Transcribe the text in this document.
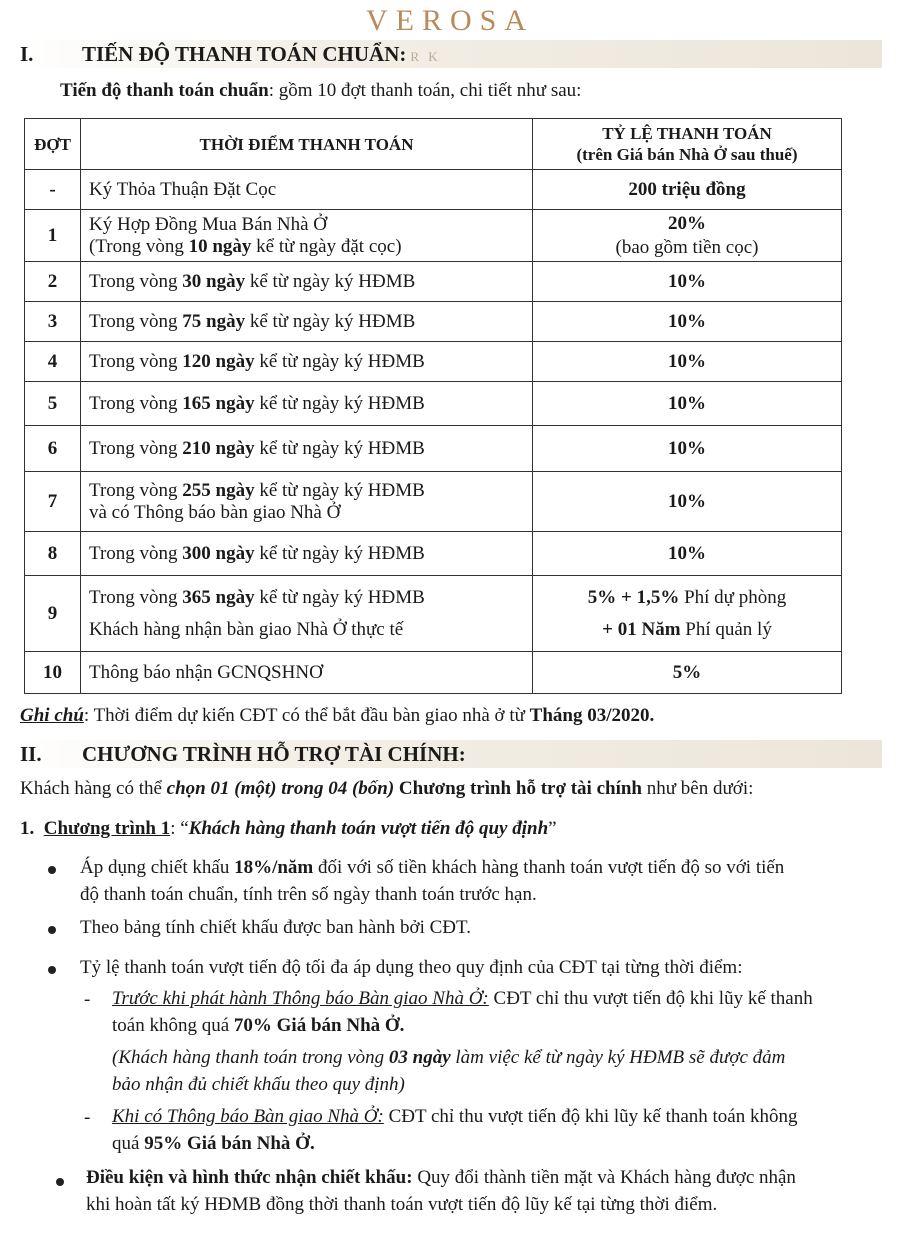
VEROSA
I. TIẾN ĐỘ THANH TOÁN CHUẨN: R K
Tiến độ thanh toán chuẩn: gồm 10 đợt thanh toán, chi tiết như sau:
ĐỢT	THỜI ĐIỂM THANH TOÁN	TỶ LỆ THANH TOÁN
(trên Giá bán Nhà Ở sau thuế)
-	Ký Thỏa Thuận Đặt Cọc	200 triệu đồng
1	Ký Hợp Đồng Mua Bán Nhà Ở
(Trong vòng 10 ngày kể từ ngày đặt cọc)	20%
(bao gồm tiền cọc)
2	Trong vòng 30 ngày kể từ ngày ký HĐMB	10%
3	Trong vòng 75 ngày kể từ ngày ký HĐMB	10%
4	Trong vòng 120 ngày kể từ ngày ký HĐMB	10%
5	Trong vòng 165 ngày kể từ ngày ký HĐMB	10%
6	Trong vòng 210 ngày kể từ ngày ký HĐMB	10%
7	Trong vòng 255 ngày kể từ ngày ký HĐMB
và có Thông báo bàn giao Nhà Ở	10%
8	Trong vòng 300 ngày kể từ ngày ký HĐMB	10%
9	Trong vòng 365 ngày kể từ ngày ký HĐMB
Khách hàng nhận bàn giao Nhà Ở thực tế	5% + 1,5% Phí dự phòng
+ 01 Năm Phí quản lý
10	Thông báo nhận GCNQSHNƠ	5%
Ghi chú: Thời điểm dự kiến CĐT có thể bắt đầu bàn giao nhà ở từ Tháng 03/2020.
II. CHƯƠNG TRÌNH HỖ TRỢ TÀI CHÍNH:
Khách hàng có thể chọn 01 (một) trong 04 (bốn) Chương trình hỗ trợ tài chính như bên dưới:
1. Chương trình 1: “Khách hàng thanh toán vượt tiến độ quy định”
Áp dụng chiết khấu 18%/năm đối với số tiền khách hàng thanh toán vượt tiến độ so với tiến
độ thanh toán chuẩn, tính trên số ngày thanh toán trước hạn.
Theo bảng tính chiết khấu được ban hành bởi CĐT.
Tỷ lệ thanh toán vượt tiến độ tối đa áp dụng theo quy định của CĐT tại từng thời điểm:
- Trước khi phát hành Thông báo Bàn giao Nhà Ở: CĐT chỉ thu vượt tiến độ khi lũy kế thanh
toán không quá 70% Giá bán Nhà Ở.
(Khách hàng thanh toán trong vòng 03 ngày làm việc kể từ ngày ký HĐMB sẽ được đảm
bảo nhận đủ chiết khấu theo quy định)
- Khi có Thông báo Bàn giao Nhà Ở: CĐT chỉ thu vượt tiến độ khi lũy kế thanh toán không
quá 95% Giá bán Nhà Ở.
Điều kiện và hình thức nhận chiết khấu: Quy đổi thành tiền mặt và Khách hàng được nhận
khi hoàn tất ký HĐMB đồng thời thanh toán vượt tiến độ lũy kế tại từng thời điểm.
